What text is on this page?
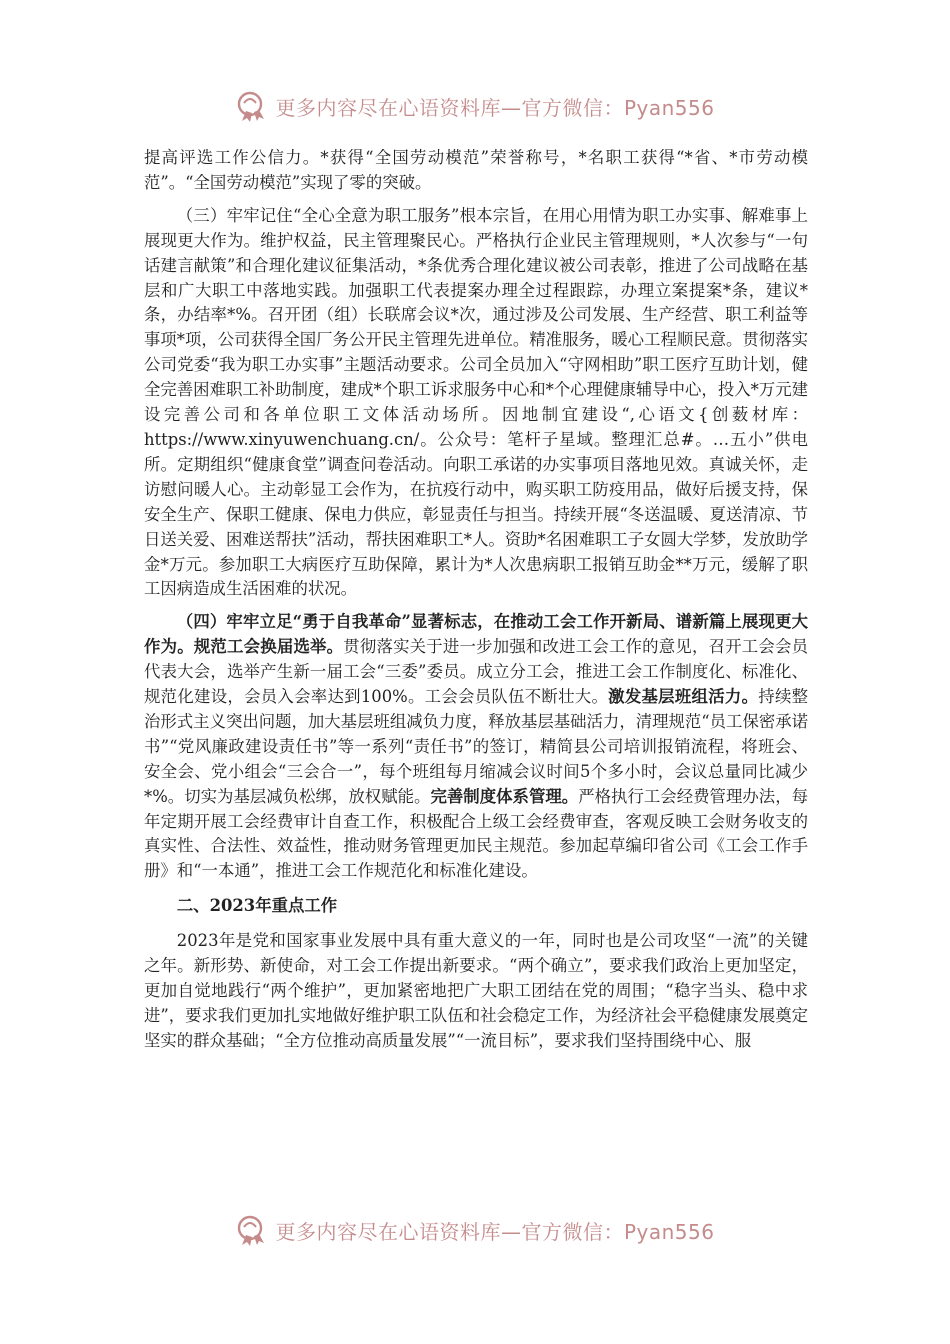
更多内容尽在心语资料库—官方微信：Pyan556

提高评选工作公信力。*获得“全国劳动模范”荣誉称号，*名职工获得“*省、*市劳动模范”。“全国劳动模范”实现了零的突破。

（三）牢牢记住“全心全意为职工服务”根本宗旨，在用心用情为职工办实事、解难事上展现更大作为。维护权益，民主管理聚民心。严格执行企业民主管理规则，*人次参与“一句话建言献策”和合理化建议征集活动，*条优秀合理化建议被公司表彰，推进了公司战略在基层和广大职工中落地实践。加强职工代表提案办理全过程跟踪，办理立案提案*条，建议*条，办结率*%。召开团（组）长联席会议*次，通过涉及公司发展、生产经营、职工利益等事项*项，公司获得全国厂务公开民主管理先进单位。精准服务，暖心工程顺民意。贯彻落实公司党委“我为职工办实事”主题活动要求。公司全员加入“守网相助”职工医疗互助计划，健全完善困难职工补助制度，建成*个职工诉求服务中心和*个心理健康辅导中心，投入*万元建设完善公司和各单位职工文体活动场所。因地制宜建设“,心语文{创薮材库：https://www.xinyuwenchuang.cn/。公众号：笔杆子星域。整理汇总#。…五小”供电所。定期组织“健康食堂”调查问卷活动。向职工承诺的办实事项目落地见效。真诚关怀，走访慰问暖人心。主动彰显工会作为，在抗疫行动中，购买职工防疫用品，做好后援支持，保安全生产、保职工健康、保电力供应，彰显责任与担当。持续开展“冬送温暖、夏送清凉、节日送关爱、困难送帮扶”活动，帮扶困难职工*人。资助*名困难职工子女圆大学梦，发放助学金*万元。参加职工大病医疗互助保障，累计为*人次患病职工报销互助金**万元，缓解了职工因病造成生活困难的状况。

（四）牢牢立足“勇于自我革命”显著标志，在推动工会工作开新局、谱新篇上展现更大作为。规范工会换届选举。贯彻落实关于进一步加强和改进工会工作的意见，召开工会会员代表大会，选举产生新一届工会“三委”委员。成立分工会，推进工会工作制度化、标准化、规范化建设，会员入会率达到100%。工会会员队伍不断壮大。激发基层班组活力。持续整治形式主义突出问题，加大基层班组减负力度，释放基层基础活力，清理规范“员工保密承诺书”“党风廉政建设责任书”等一系列“责任书”的签订，精简县公司培训报销流程，将班会、安全会、党小组会“三会合一”，每个班组每月缩减会议时间5个多小时，会议总量同比减少*%。切实为基层减负松绑，放权赋能。完善制度体系管理。严格执行工会经费管理办法，每年定期开展工会经费审计自查工作，积极配合上级工会经费审查，客观反映工会财务收支的真实性、合法性、效益性，推动财务管理更加民主规范。参加起草编印省公司《工会工作手册》和“一本通”，推进工会工作规范化和标准化建设。

二、2023年重点工作

2023年是党和国家事业发展中具有重大意义的一年，同时也是公司攻坚“一流”的关键之年。新形势、新使命，对工会工作提出新要求。“两个确立”，要求我们政治上更加坚定，更加自觉地践行“两个维护”，更加紧密地把广大职工团结在党的周围；“稳字当头、稳中求进”，要求我们更加扎实地做好维护职工队伍和社会稳定工作，为经济社会平稳健康发展奠定坚实的群众基础；“全方位推动高质量发展”“一流目标”，要求我们坚持围绕中心、服

更多内容尽在心语资料库—官方微信：Pyan556
